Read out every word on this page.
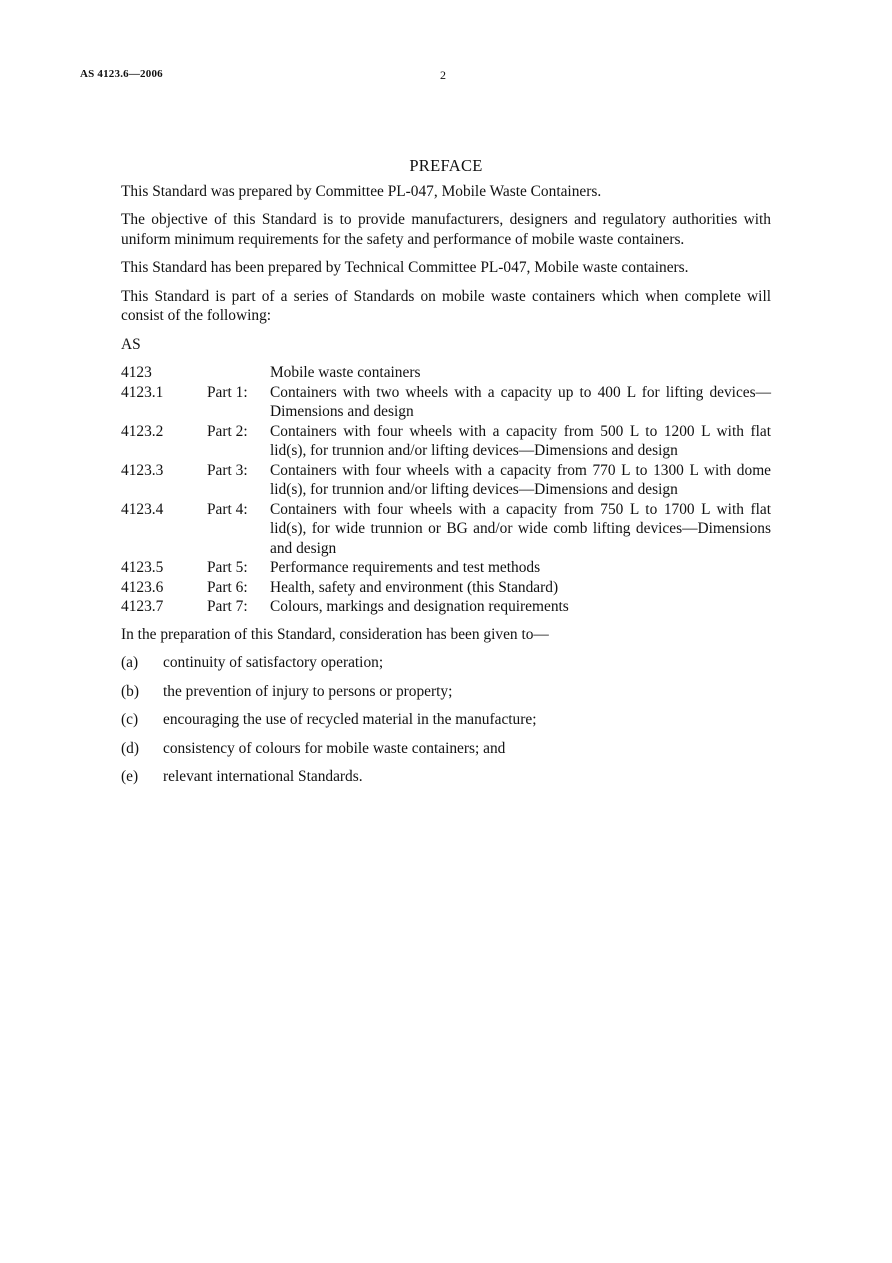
AS 4123.6—2006	2
PREFACE

This Standard was prepared by Committee PL-047, Mobile Waste Containers.

The objective of this Standard is to provide manufacturers, designers and regulatory authorities with uniform minimum requirements for the safety and performance of mobile waste containers.

This Standard has been prepared by Technical Committee PL-047, Mobile waste containers.

This Standard is part of a series of Standards on mobile waste containers which when complete will consist of the following:

AS
4123		Mobile waste containers
4123.1	Part 1:	Containers with two wheels with a capacity up to 400 L for lifting devices—Dimensions and design
4123.2	Part 2:	Containers with four wheels with a capacity from 500 L to 1200 L with flat lid(s), for trunnion and/or lifting devices—Dimensions and design
4123.3	Part 3:	Containers with four wheels with a capacity from 770 L to 1300 L with dome lid(s), for trunnion and/or lifting devices—Dimensions and design
4123.4	Part 4:	Containers with four wheels with a capacity from 750 L to 1700 L with flat lid(s), for wide trunnion or BG and/or wide comb lifting devices—Dimensions and design
4123.5	Part 5:	Performance requirements and test methods
4123.6	Part 6:	Health, safety and environment (this Standard)
4123.7	Part 7:	Colours, markings and designation requirements

In the preparation of this Standard, consideration has been given to—

(a)	continuity of satisfactory operation;
(b)	the prevention of injury to persons or property;
(c)	encouraging the use of recycled material in the manufacture;
(d)	consistency of colours for mobile waste containers; and
(e)	relevant international Standards.
